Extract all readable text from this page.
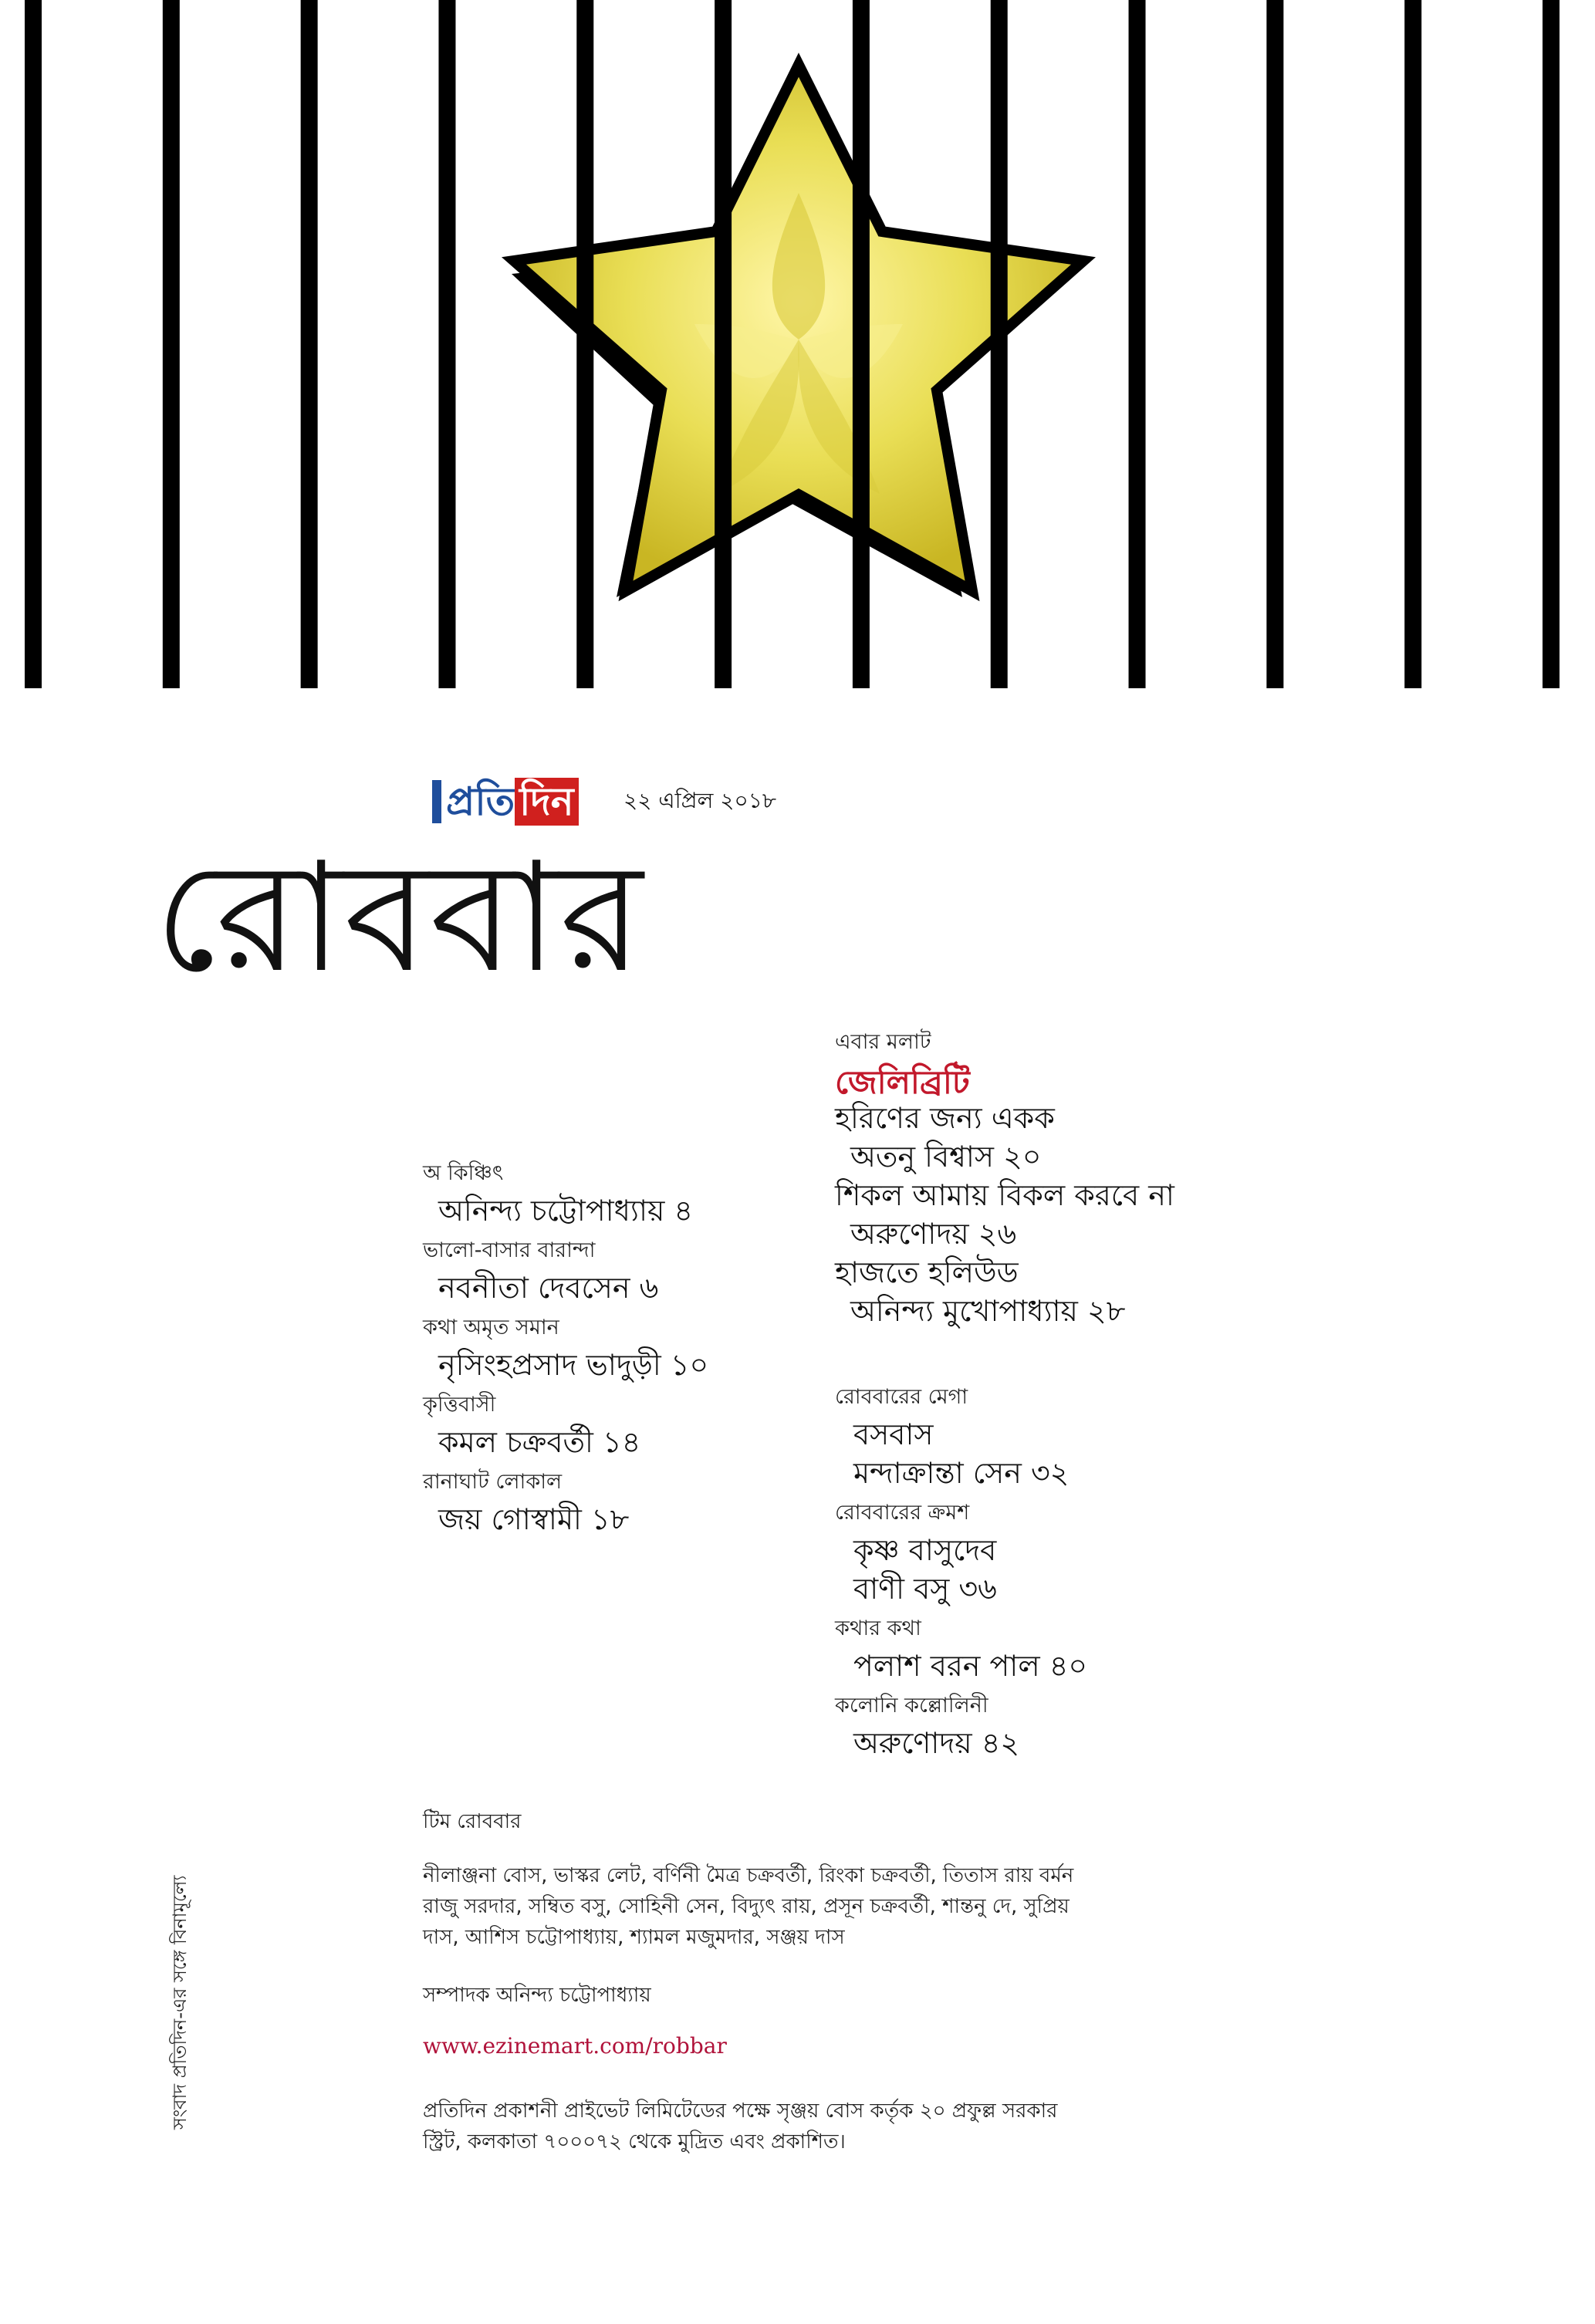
প্রতি দিন ২২ এপ্রিল ২০১৮
রোববার
এবার মলাট
জেলিব্রিটি
হরিণের জন্য একক
অতনু বিশ্বাস ২০
শিকল আমায় বিকল করবে না
অরুণোদয় ২৬
হাজতে হলিউড
অনিন্দ্য মুখোপাধ্যায় ২৮
অ কিঞ্চিৎ
অনিন্দ্য চট্টোপাধ্যায় ৪
ভালো-বাসার বারান্দা
নবনীতা দেবসেন ৬
কথা অমৃত সমান
নৃসিংহপ্রসাদ ভাদুড়ী ১০
কৃত্তিবাসী
কমল চক্রবর্তী ১৪
রানাঘাট লোকাল
জয় গোস্বামী ১৮
রোববারের মেগা
বসবাস
মন্দাক্রান্তা সেন ৩২
রোববারের ক্রমশ
কৃষ্ণ বাসুদেব
বাণী বসু ৩৬
কথার কথা
পলাশ বরন পাল ৪০
কলোনি কল্লোলিনী
অরুণোদয় ৪২
টিম রোববার
নীলাঞ্জনা বোস, ভাস্কর লেট, বর্ণিনী মৈত্র চক্রবর্তী, রিংকা চক্রবর্তী, তিতাস রায় বর্মন
রাজু সরদার, সম্বিত বসু, সোহিনী সেন, বিদ্যুৎ রায়, প্রসূন চক্রবর্তী, শান্তনু দে, সুপ্রিয়
দাস, আশিস চট্টোপাধ্যায়, শ্যামল মজুমদার, সঞ্জয় দাস
সম্পাদক অনিন্দ্য চট্টোপাধ্যায়
www.ezinemart.com/robbar
প্রতিদিন প্রকাশনী প্রাইভেট লিমিটেডের পক্ষে সৃঞ্জয় বোস কর্তৃক ২০ প্রফুল্ল সরকার
স্ট্রিট, কলকাতা ৭০০০৭২ থেকে মুদ্রিত এবং প্রকাশিত।
সংবাদ প্রতিদিন-এর সঙ্গে বিনামূল্যে
